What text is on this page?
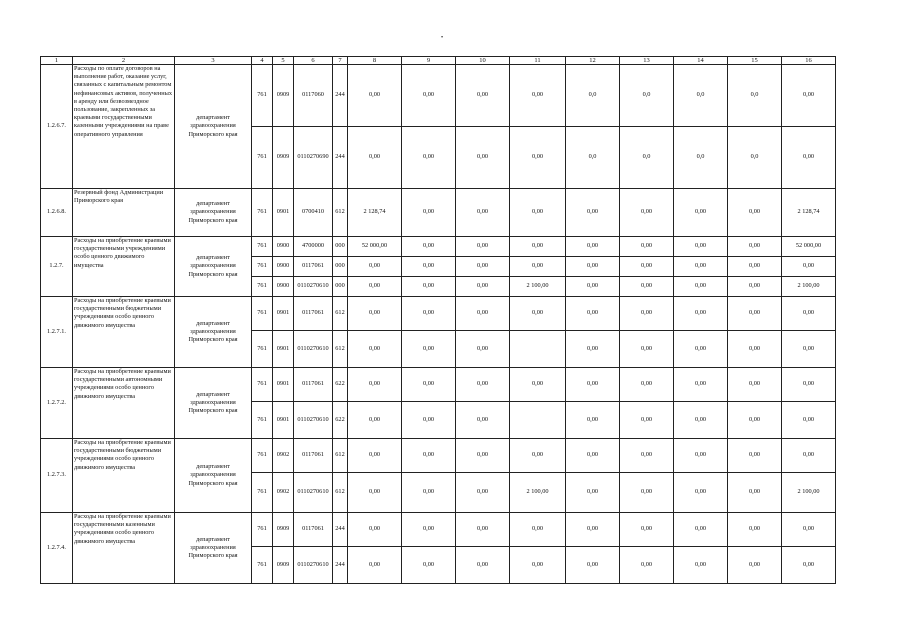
•
1	2	3	4	5	6	7	8	9	10	11	12	13	14	15	16
1.2.6.7.	Расходы по оплате договоров на выполнение работ, оказание услуг, связанных с капитальным ремонтом нефинансовых активов, полученных в аренду или безвозмездное пользование, закрепленных за краевыми государственными казенными учреждениями на праве оперативного управления	департамент здравоохранения Приморского края	761	0909	0117060	244	0,00	0,00	0,00	0,00	0,0	0,0	0,0	0,0	0,00
			761	0909	0110270690	244	0,00	0,00	0,00	0,00	0,0	0,0	0,0	0,0	0,00
1.2.6.8.	Резервный фонд Администрации Приморского края	департамент здравоохранения Приморского края	761	0901	0700410	612	2 128,74	0,00	0,00	0,00	0,00	0,00	0,00	0,00	2 128,74
1.2.7.	Расходы на приобретение краевыми государственными учреждениями особо ценного движимого имущества	департамент здравоохранения Приморского края	761	0900	4700000	000	52 000,00	0,00	0,00	0,00	0,00	0,00	0,00	0,00	52 000,00
			761	0900	0117061	000	0,00	0,00	0,00	0,00	0,00	0,00	0,00	0,00	0,00
			761	0900	0110270610	000	0,00	0,00	0,00	2 100,00	0,00	0,00	0,00	0,00	2 100,00
1.2.7.1.	Расходы на приобретение краевыми государственными бюджетными учреждениями особо ценного движимого имущества	департамент здравоохранения Приморского края	761	0901	0117061	612	0,00	0,00	0,00	0,00	0,00	0,00	0,00	0,00	0,00
			761	0901	0110270610	612	0,00	0,00	0,00		0,00	0,00	0,00	0,00	0,00
1.2.7.2.	Расходы на приобретение краевыми государственными автономными учреждениями особо ценного движимого имущества	департамент здравоохранения Приморского края	761	0901	0117061	622	0,00	0,00	0,00	0,00	0,00	0,00	0,00	0,00	0,00
			761	0901	0110270610	622	0,00	0,00	0,00		0,00	0,00	0,00	0,00	0,00
1.2.7.3.	Расходы на приобретение краевыми государственными бюджетными учреждениями особо ценного движимого имущества	департамент здравоохранения Приморского края	761	0902	0117061	612	0,00	0,00	0,00	0,00	0,00	0,00	0,00	0,00	0,00
			761	0902	0110270610	612	0,00	0,00	0,00	2 100,00	0,00	0,00	0,00	0,00	2 100,00
1.2.7.4.	Расходы на приобретение краевыми государственными казенными учреждениями особо ценного движимого имущества	департамент здравоохранения Приморского края	761	0909	0117061	244	0,00	0,00	0,00	0,00	0,00	0,00	0,00	0,00	0,00
			761	0909	0110270610	244	0,00	0,00	0,00	0,00	0,00	0,00	0,00	0,00	0,00
